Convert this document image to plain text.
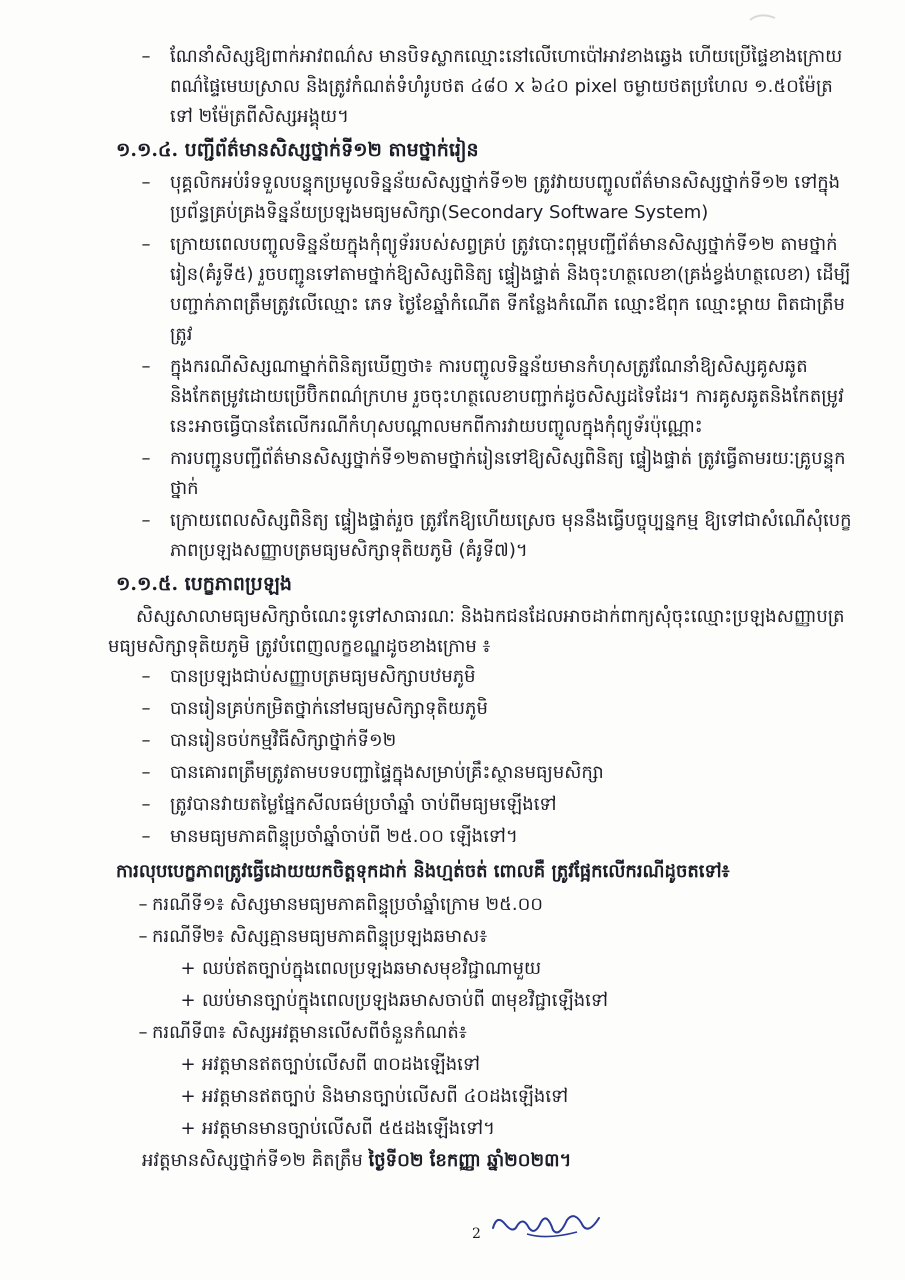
–	ណែនាំសិស្សឱ្យពាក់អាវពណ៌ស មានបិទស្លាកឈ្មោះនៅលើហោប៉ៅអាវខាងឆ្វេង ហើយប្រើផ្ទៃខាងក្រោយ ពណ៌ផ្ទៃមេឃស្រាល និងត្រូវកំណត់ទំហំរូបថត ៤៨០ x ៦៤០ pixel ចម្ងាយថតប្រហែល ១.៥០ម៉ែត្រ ទៅ ២ម៉ែត្រពីសិស្សអង្គុយ។
១.១.៤. បញ្ជីព័ត៌មានសិស្សថ្នាក់ទី១២ តាមថ្នាក់រៀន
–	បុគ្គលិកអប់រំទទួលបន្ទុកប្រមូលទិន្នន័យសិស្សថ្នាក់ទី១២ ត្រូវវាយបញ្ចូលព័ត៌មានសិស្សថ្នាក់ទី១២ ទៅក្នុងប្រព័ន្ធគ្រប់គ្រងទិន្នន័យប្រឡងមធ្យមសិក្សា(Secondary Software System)
–	ក្រោយពេលបញ្ចូលទិន្នន័យក្នុងកុំព្យូទ័ររបស់សព្វគ្រប់ ត្រូវបោះពុម្ពបញ្ជីព័ត៌មានសិស្សថ្នាក់ទី១២ តាមថ្នាក់រៀន(គំរូទី៥) រួចបញ្ជូនទៅតាមថ្នាក់ឱ្យសិស្សពិនិត្យ ផ្ទៀងផ្ទាត់ និងចុះហត្ថលេខា(គ្រង់ខ្វង់ហត្ថលេខា) ដើម្បីបញ្ជាក់ភាពត្រឹមត្រូវលើឈ្មោះ ភេទ ថ្ងៃខែឆ្នាំកំណើត ទីកន្លែងកំណើត ឈ្មោះឪពុក ឈ្មោះម្ដាយ ពិតជាត្រឹមត្រូវ
–	ក្នុងករណីសិស្សណាម្នាក់ពិនិត្យឃើញថា៖ ការបញ្ចូលទិន្នន័យមានកំហុសត្រូវណែនាំឱ្យសិស្សគូសឆូត និងកែតម្រូវដោយប្រើប៊ិកពណ៌ក្រហម រួចចុះហត្ថលេខាបញ្ជាក់ដូចសិស្សដទៃដែរ។ ការគូសឆូតនិងកែតម្រូវនេះអាចធ្វើបានតែលើករណីកំហុសបណ្តាលមកពីការវាយបញ្ចូលក្នុងកុំព្យូទ័រប៉ុណ្ណោះ
–	ការបញ្ជូនបញ្ជីព័ត៌មានសិស្សថ្នាក់ទី១២តាមថ្នាក់រៀនទៅឱ្យសិស្សពិនិត្យ ផ្ទៀងផ្ទាត់ ត្រូវធ្វើតាមរយៈគ្រូបន្ទុកថ្នាក់
–	ក្រោយពេលសិស្សពិនិត្យ ផ្ទៀងផ្ទាត់រួច ត្រូវកែឱ្យហើយស្រេច មុននឹងធ្វើបច្ចុប្បន្នកម្ម ឱ្យទៅជាសំណើសុំបេក្ខភាពប្រឡងសញ្ញាបត្រមធ្យមសិក្សាទុតិយភូមិ (គំរូទី៧)។
១.១.៥. បេក្ខភាពប្រឡង

សិស្សសាលាមធ្យមសិក្សាចំណេះទូទៅសាធារណៈ និងឯកជនដែលអាចដាក់ពាក្យសុំចុះឈ្មោះប្រឡងសញ្ញាបត្រមធ្យមសិក្សាទុតិយភូមិ ត្រូវបំពេញលក្ខខណ្ឌដូចខាងក្រោម ៖

–	បានប្រឡងជាប់សញ្ញាបត្រមធ្យមសិក្សាបឋមភូមិ
–	បានរៀនគ្រប់កម្រិតថ្នាក់នៅមធ្យមសិក្សាទុតិយភូមិ
–	បានរៀនចប់កម្មវិធីសិក្សាថ្នាក់ទី១២
–	បានគោរពត្រឹមត្រូវតាមបទបញ្ជាផ្ទៃក្នុងសម្រាប់គ្រឹះស្ថានមធ្យមសិក្សា
–	ត្រូវបានវាយតម្លៃផ្នែកសីលធម៌ប្រចាំឆ្នាំ ចាប់ពីមធ្យមឡើងទៅ
–	មានមធ្យមភាគពិន្ទុប្រចាំឆ្នាំចាប់ពី ២៥.០០ ឡើងទៅ។
ការលុបបេក្ខភាពត្រូវធ្វើដោយយកចិត្តទុកដាក់ និងហ្មត់ចត់ ពោលគឺ ត្រូវផ្អែកលើករណីដូចតទៅ៖
– ករណីទី១៖ សិស្សមានមធ្យមភាគពិន្ទុប្រចាំឆ្នាំក្រោម ២៥.០០
– ករណីទី២៖ សិស្សគ្មានមធ្យមភាគពិន្ទុប្រឡងឆមាស៖
+ ឈប់ឥតច្បាប់ក្នុងពេលប្រឡងឆមាសមុខវិជ្ជាណាមួយ
+ ឈប់មានច្បាប់ក្នុងពេលប្រឡងឆមាសចាប់ពី ៣មុខវិជ្ជាឡើងទៅ
– ករណីទី៣៖ សិស្សអវត្តមានលើសពីចំនួនកំណត់៖
+ អវត្តមានឥតច្បាប់លើសពី ៣០ដងឡើងទៅ
+ អវត្តមានឥតច្បាប់ និងមានច្បាប់លើសពី ៤០ដងឡើងទៅ
+ អវត្តមានមានច្បាប់លើសពី ៥៥ដងឡើងទៅ។

អវត្តមានសិស្សថ្នាក់ទី១២ គិតត្រឹម ថ្ងៃទី០២ ខែកញ្ញា ឆ្នាំ២០២៣។

2
